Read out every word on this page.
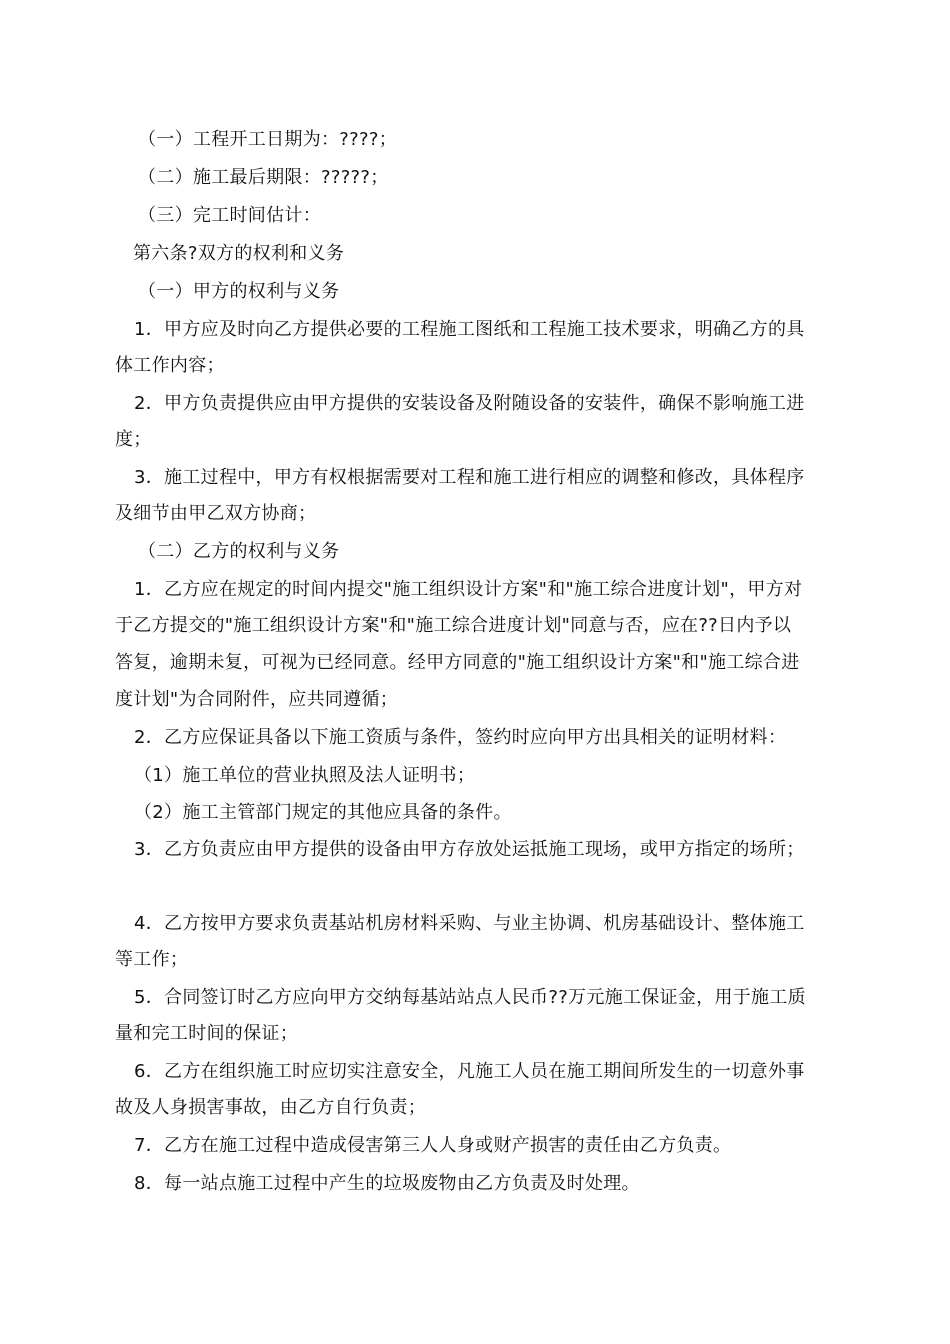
（一）工程开工日期为：????；
（二）施工最后期限：?????；
（三）完工时间估计：
第六条?双方的权利和义务
（一）甲方的权利与义务
1．甲方应及时向乙方提供必要的工程施工图纸和工程施工技术要求，明确乙方的具
体工作内容；
2．甲方负责提供应由甲方提供的安装设备及附随设备的安装件，确保不影响施工进
度；
3．施工过程中，甲方有权根据需要对工程和施工进行相应的调整和修改，具体程序
及细节由甲乙双方协商；
（二）乙方的权利与义务
1．乙方应在规定的时间内提交"施工组织设计方案"和"施工综合进度计划"，甲方对
于乙方提交的"施工组织设计方案"和"施工综合进度计划"同意与否，应在??日内予以
答复，逾期未复，可视为已经同意。经甲方同意的"施工组织设计方案"和"施工综合进
度计划"为合同附件，应共同遵循；
2．乙方应保证具备以下施工资质与条件，签约时应向甲方出具相关的证明材料：
（1）施工单位的营业执照及法人证明书；
（2）施工主管部门规定的其他应具备的条件。
3．乙方负责应由甲方提供的设备由甲方存放处运抵施工现场，或甲方指定的场所；
4．乙方按甲方要求负责基站机房材料采购、与业主协调、机房基础设计、整体施工
等工作；
5．合同签订时乙方应向甲方交纳每基站站点人民币??万元施工保证金，用于施工质
量和完工时间的保证；
6．乙方在组织施工时应切实注意安全，凡施工人员在施工期间所发生的一切意外事
故及人身损害事故，由乙方自行负责；
7．乙方在施工过程中造成侵害第三人人身或财产损害的责任由乙方负责。
8．每一站点施工过程中产生的垃圾废物由乙方负责及时处理。
